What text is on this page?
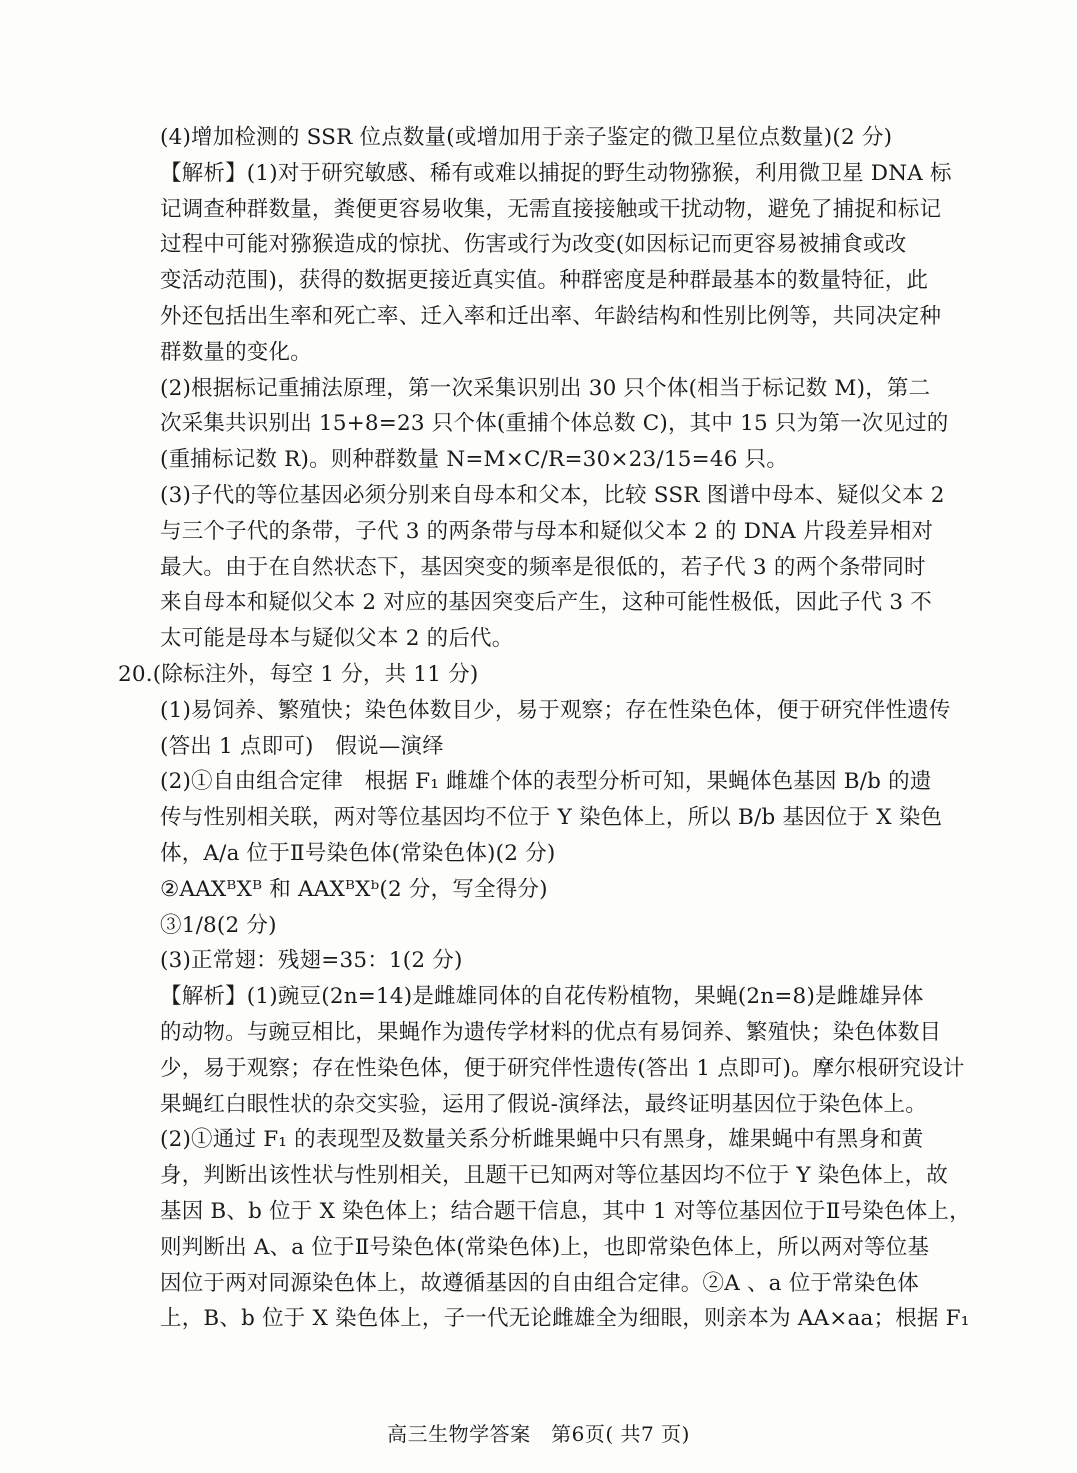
(4)增加检测的 SSR 位点数量(或增加用于亲子鉴定的微卫星位点数量)(2 分)
【解析】(1)对于研究敏感、稀有或难以捕捉的野生动物猕猴，利用微卫星 DNA 标
记调查种群数量，粪便更容易收集，无需直接接触或干扰动物，避免了捕捉和标记
过程中可能对猕猴造成的惊扰、伤害或行为改变(如因标记而更容易被捕食或改
变活动范围)，获得的数据更接近真实值。种群密度是种群最基本的数量特征，此
外还包括出生率和死亡率、迁入率和迁出率、年龄结构和性别比例等，共同决定种
群数量的变化。
(2)根据标记重捕法原理，第一次采集识别出 30 只个体(相当于标记数 M)，第二
次采集共识别出 15+8=23 只个体(重捕个体总数 C)，其中 15 只为第一次见过的
(重捕标记数 R)。则种群数量 N=M×C/R=30×23/15=46 只。
(3)子代的等位基因必须分别来自母本和父本，比较 SSR 图谱中母本、疑似父本 2
与三个子代的条带，子代 3 的两条带与母本和疑似父本 2 的 DNA 片段差异相对
最大。由于在自然状态下，基因突变的频率是很低的，若子代 3 的两个条带同时
来自母本和疑似父本 2 对应的基因突变后产生，这种可能性极低，因此子代 3 不
太可能是母本与疑似父本 2 的后代。
20.(除标注外，每空 1 分，共 11 分)
(1)易饲养、繁殖快；染色体数目少，易于观察；存在性染色体，便于研究伴性遗传
(答出 1 点即可)　假说—演绎
(2)①自由组合定律　根据 F₁ 雌雄个体的表型分析可知，果蝇体色基因 B/b 的遗
传与性别相关联，两对等位基因均不位于 Y 染色体上，所以 B/b 基因位于 X 染色
体，A/a 位于Ⅱ号染色体(常染色体)(2 分)
②AAXᴮXᴮ 和 AAXᴮXᵇ(2 分，写全得分)
③1/8(2 分)
(3)正常翅：残翅=35：1(2 分)
【解析】(1)豌豆(2n=14)是雌雄同体的自花传粉植物，果蝇(2n=8)是雌雄异体
的动物。与豌豆相比，果蝇作为遗传学材料的优点有易饲养、繁殖快；染色体数目
少，易于观察；存在性染色体，便于研究伴性遗传(答出 1 点即可)。摩尔根研究设计
果蝇红白眼性状的杂交实验，运用了假说-演绎法，最终证明基因位于染色体上。
(2)①通过 F₁ 的表现型及数量关系分析雌果蝇中只有黑身，雄果蝇中有黑身和黄
身，判断出该性状与性别相关，且题干已知两对等位基因均不位于 Y 染色体上，故
基因 B、b 位于 X 染色体上；结合题干信息，其中 1 对等位基因位于Ⅱ号染色体上，
则判断出 A、a 位于Ⅱ号染色体(常染色体)上，也即常染色体上，所以两对等位基
因位于两对同源染色体上，故遵循基因的自由组合定律。②A 、a 位于常染色体
上，B、b 位于 X 染色体上，子一代无论雌雄全为细眼，则亲本为 AA×aa；根据 F₁
高三生物学答案　第6页( 共7 页)
